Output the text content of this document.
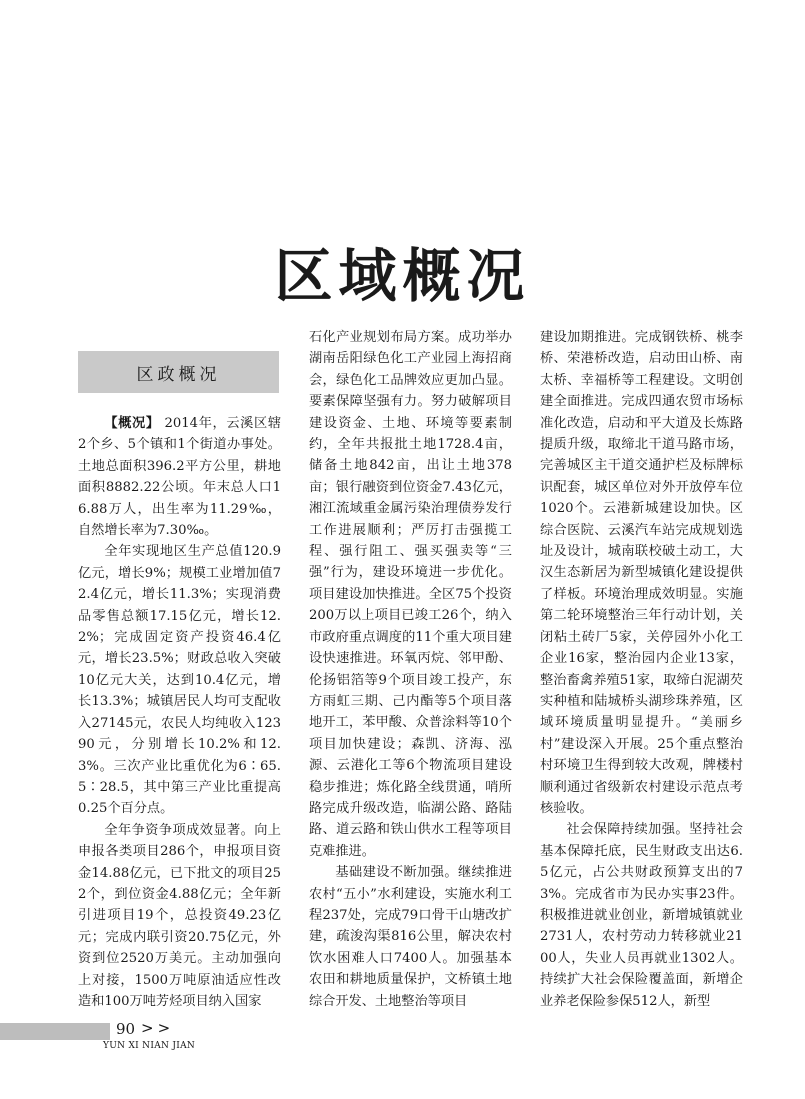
区域概况
区政概况

【概况】 2014年，云溪区辖2个乡、5个镇和1个街道办事处。土地总面积396.2平方公里，耕地面积8882.22公顷。年末总人口16.88万人，出生率为11.29‰，自然增长率为7.30‰。

全年实现地区生产总值120.9亿元，增长9%；规模工业增加值72.4亿元，增长11.3%；实现消费品零售总额17.15亿元，增长12.2%；完成固定资产投资46.4亿元，增长23.5%；财政总收入突破10亿元大关，达到10.4亿元，增长13.3%；城镇居民人均可支配收入27145元，农民人均纯收入12390元，分别增长10.2%和12.3%。三次产业比重优化为6∶65.5∶28.5，其中第三产业比重提高0.25个百分点。

全年争资争项成效显著。向上申报各类项目286个，申报项目资金14.88亿元，已下批文的项目252个，到位资金4.88亿元；全年新引进项目19个，总投资49.23亿元；完成内联引资20.75亿元，外资到位2520万美元。主动加强向上对接，1500万吨原油适应性改造和100万吨芳烃项目纳入国家

石化产业规划布局方案。成功举办湖南岳阳绿色化工产业园上海招商会，绿色化工品牌效应更加凸显。要素保障坚强有力。努力破解项目建设资金、土地、环境等要素制约，全年共报批土地1728.4亩，储备土地842亩，出让土地378亩；银行融资到位资金7.43亿元，湘江流域重金属污染治理债券发行工作进展顺利；严厉打击强揽工程、强行阻工、强买强卖等“三强”行为，建设环境进一步优化。项目建设加快推进。全区75个投资200万以上项目已竣工26个，纳入市政府重点调度的11个重大项目建设快速推进。环氧丙烷、邻甲酚、伦扬铝箔等9个项目竣工投产，东方雨虹三期、己内酯等5个项目落地开工，苯甲酸、众普涂料等10个项目加快建设；森凯、济海、泓源、云港化工等6个物流项目建设稳步推进；炼化路全线贯通，哨所路完成升级改造，临湖公路、路陆路、道云路和铁山供水工程等项目克难推进。

基础建设不断加强。继续推进农村“五小”水利建设，实施水利工程237处，完成79口骨干山塘改扩建，疏浚沟渠816公里，解决农村饮水困难人口7400人。加强基本农田和耕地质量保护，文桥镇土地综合开发、土地整治等项目

建设加期推进。完成钢铁桥、桃李桥、荣港桥改造，启动田山桥、南太桥、幸福桥等工程建设。文明创建全面推进。完成四通农贸市场标准化改造，启动和平大道及长炼路提质升级，取缔北干道马路市场，完善城区主干道交通护栏及标牌标识配套，城区单位对外开放停车位1020个。云港新城建设加快。区综合医院、云溪汽车站完成规划选址及设计，城南联校破土动工，大汉生态新居为新型城镇化建设提供了样板。环境治理成效明显。实施第二轮环境整治三年行动计划，关闭粘土砖厂5家，关停园外小化工企业16家，整治园内企业13家，整治畜禽养殖51家，取缔白泥湖芡实种植和陆城桥头湖珍珠养殖，区域环境质量明显提升。“美丽乡村”建设深入开展。25个重点整治村环境卫生得到较大改观，牌楼村顺利通过省级新农村建设示范点考核验收。

社会保障持续加强。坚持社会基本保障托底，民生财政支出达6.5亿元，占公共财政预算支出的73%。完成省市为民办实事23件。积极推进就业创业，新增城镇就业2731人，农村劳动力转移就业2100人，失业人员再就业1302人。持续扩大社会保险覆盖面，新增企业养老保险参保512人，新型

90 >>
YUN XI NIAN JIAN
